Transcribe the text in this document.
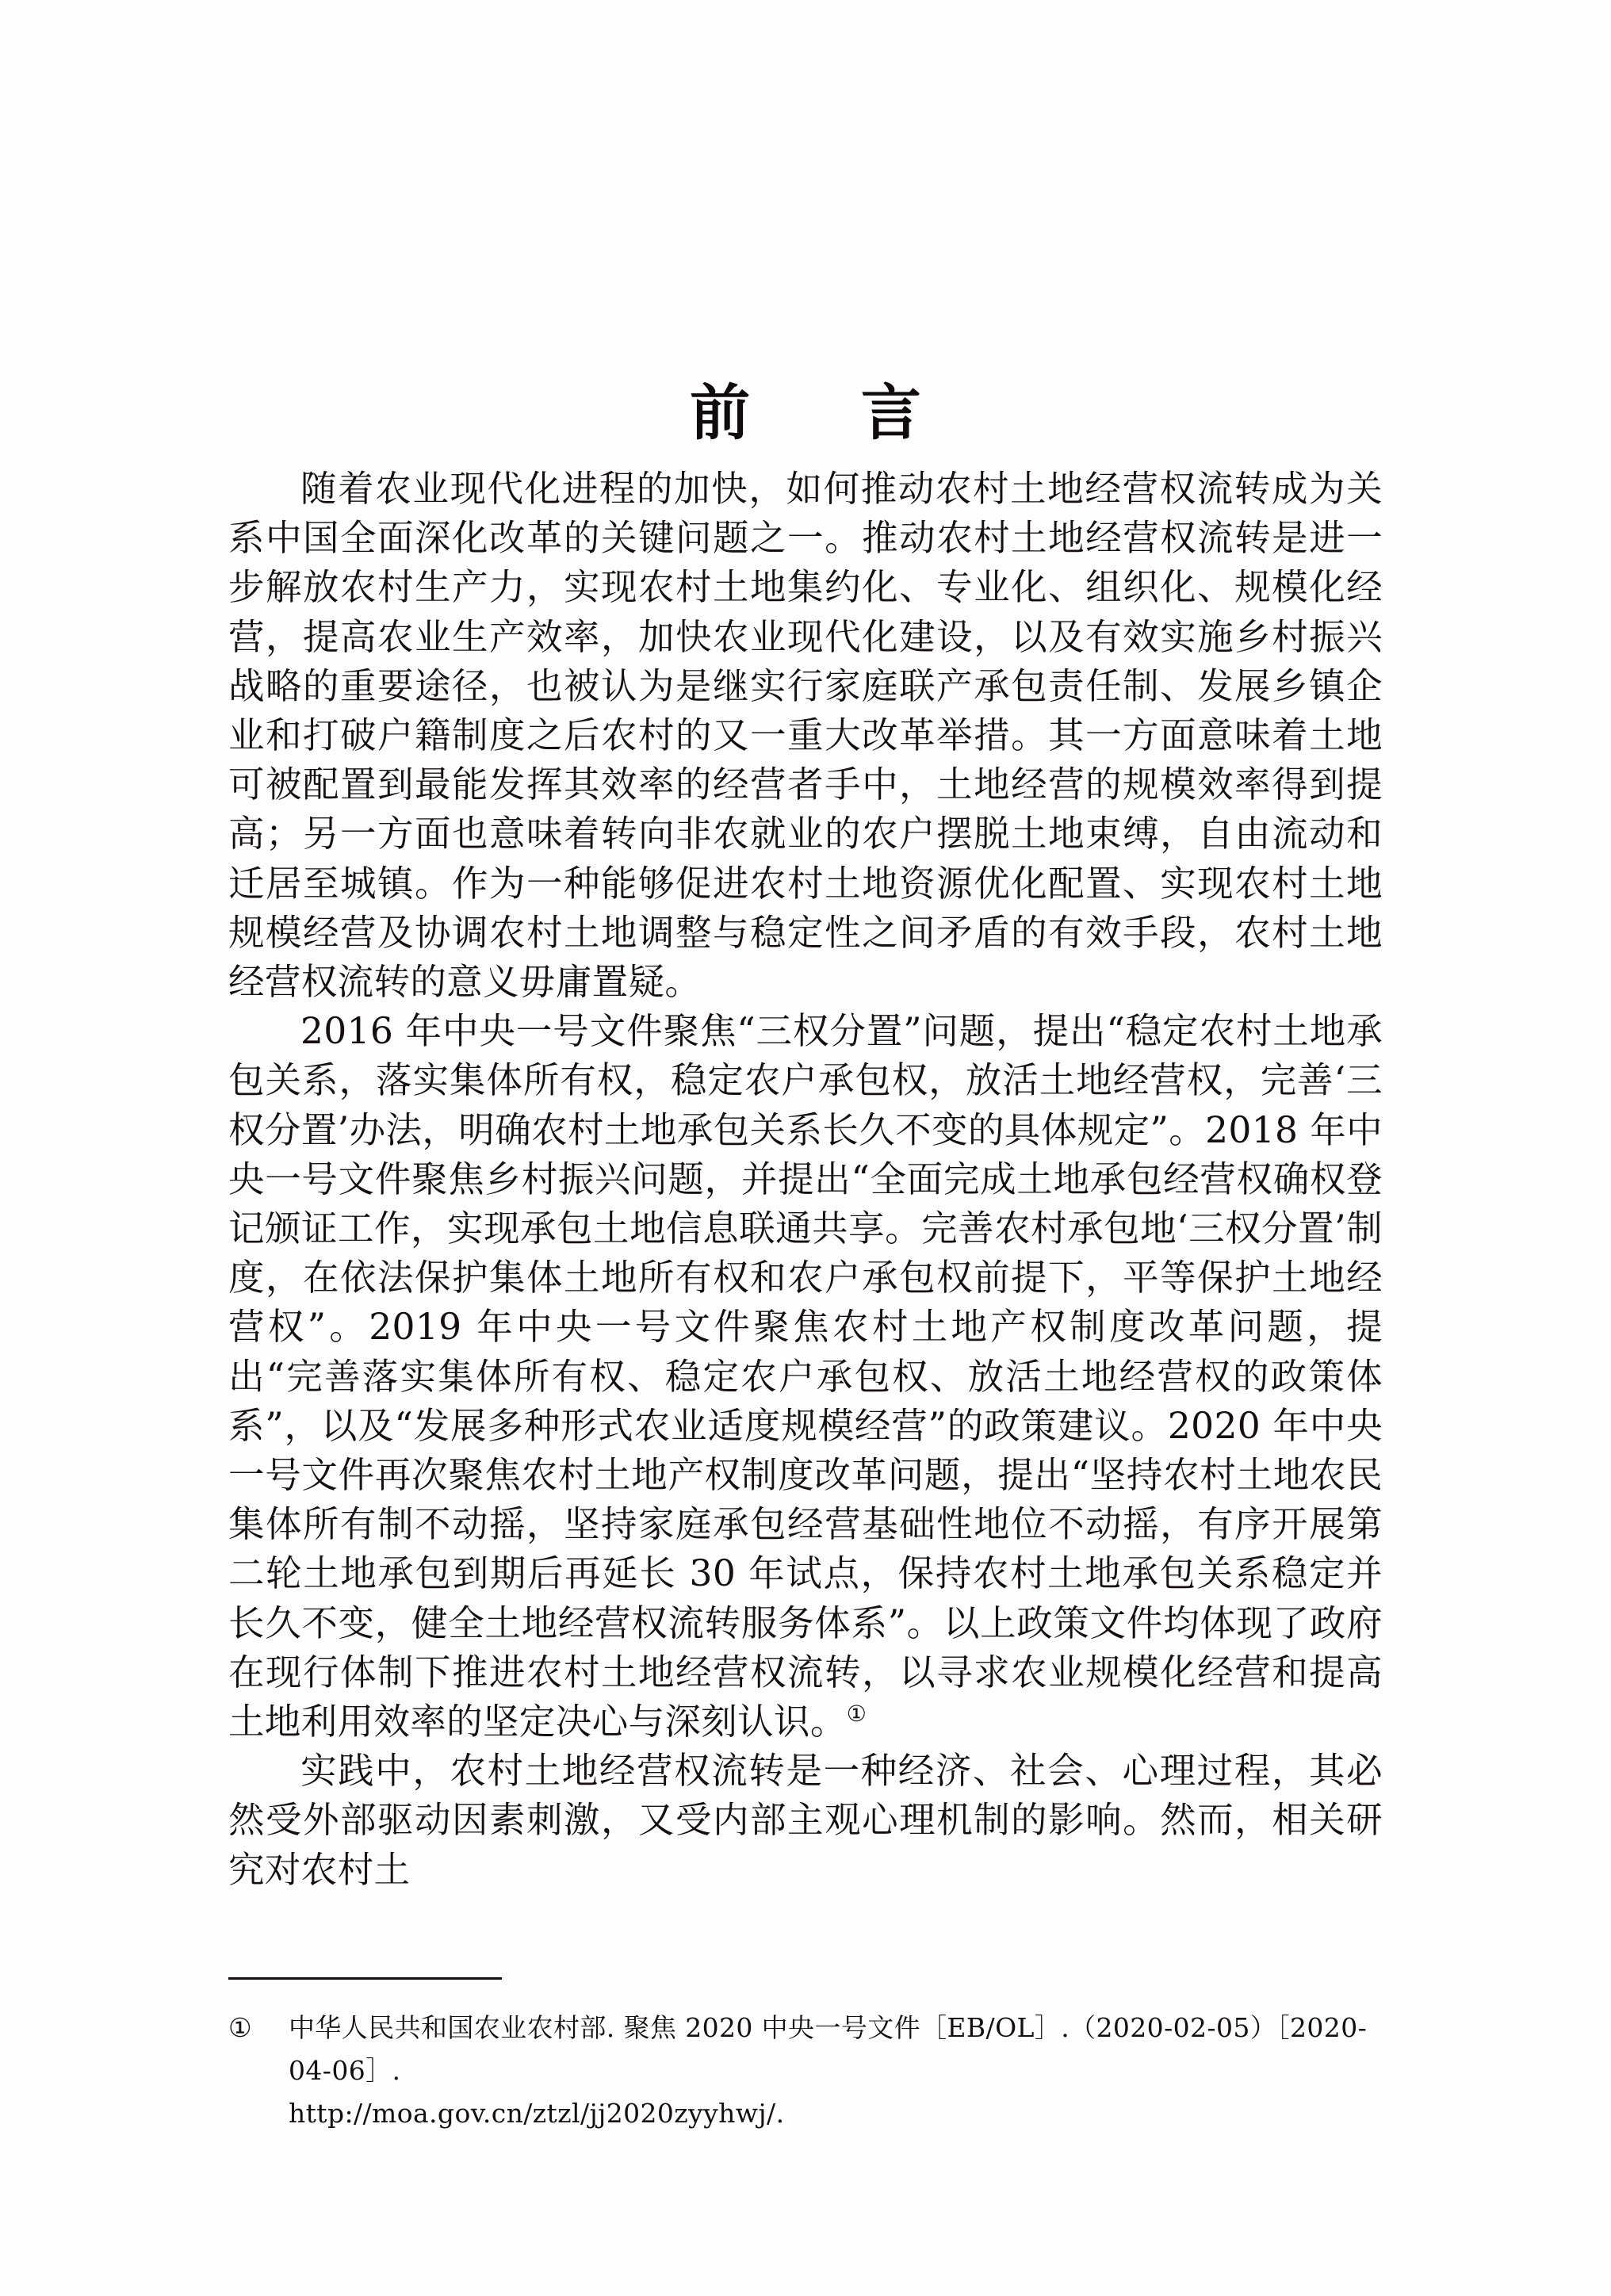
前　言

随着农业现代化进程的加快，如何推动农村土地经营权流转成为关系中国全面深化改革的关键问题之一。推动农村土地经营权流转是进一步解放农村生产力，实现农村土地集约化、专业化、组织化、规模化经营，提高农业生产效率，加快农业现代化建设，以及有效实施乡村振兴战略的重要途径，也被认为是继实行家庭联产承包责任制、发展乡镇企业和打破户籍制度之后农村的又一重大改革举措。其一方面意味着土地可被配置到最能发挥其效率的经营者手中，土地经营的规模效率得到提高；另一方面也意味着转向非农就业的农户摆脱土地束缚，自由流动和迁居至城镇。作为一种能够促进农村土地资源优化配置、实现农村土地规模经营及协调农村土地调整与稳定性之间矛盾的有效手段，农村土地经营权流转的意义毋庸置疑。

2016 年中央一号文件聚焦“三权分置”问题，提出“稳定农村土地承包关系，落实集体所有权，稳定农户承包权，放活土地经营权，完善‘三权分置’办法，明确农村土地承包关系长久不变的具体规定”。2018 年中央一号文件聚焦乡村振兴问题，并提出“全面完成土地承包经营权确权登记颁证工作，实现承包土地信息联通共享。完善农村承包地‘三权分置’制度，在依法保护集体土地所有权和农户承包权前提下，平等保护土地经营权”。2019 年中央一号文件聚焦农村土地产权制度改革问题，提出“完善落实集体所有权、稳定农户承包权、放活土地经营权的政策体系”，以及“发展多种形式农业适度规模经营”的政策建议。2020 年中央一号文件再次聚焦农村土地产权制度改革问题，提出“坚持农村土地农民集体所有制不动摇，坚持家庭承包经营基础性地位不动摇，有序开展第二轮土地承包到期后再延长 30 年试点，保持农村土地承包关系稳定并长久不变，健全土地经营权流转服务体系”。以上政策文件均体现了政府在现行体制下推进农村土地经营权流转，以寻求农业规模化经营和提高土地利用效率的坚定决心与深刻认识。①

实践中，农村土地经营权流转是一种经济、社会、心理过程，其必然受外部驱动因素刺激，又受内部主观心理机制的影响。然而，相关研究对农村土

①	中华人民共和国农业农村部. 聚焦 2020 中央一号文件［EB/OL］.（2020-02-05）［2020-04-06］.
http://moa.gov.cn/ztzl/jj2020zyyhwj/.
